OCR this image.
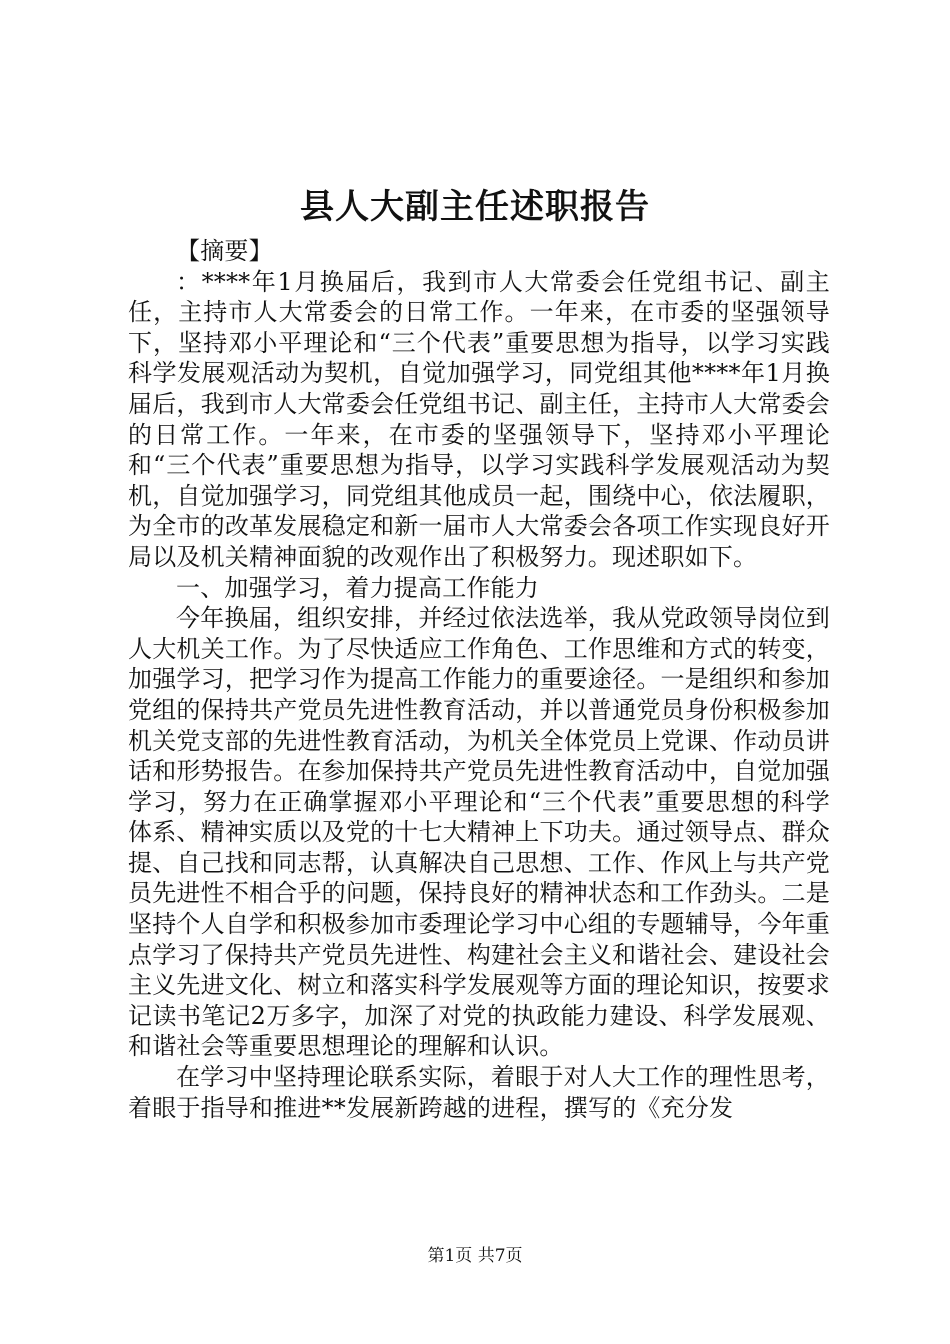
县人大副主任述职报告

【摘要】

：****年1月换届后，我到市人大常委会任党组书记、副主任，主持市人大常委会的日常工作。一年来，在市委的坚强领导下，坚持邓小平理论和“三个代表”重要思想为指导，以学习实践科学发展观活动为契机，自觉加强学习，同党组其他****年1月换届后，我到市人大常委会任党组书记、副主任，主持市人大常委会的日常工作。一年来，在市委的坚强领导下，坚持邓小平理论和“三个代表”重要思想为指导，以学习实践科学发展观活动为契机，自觉加强学习，同党组其他成员一起，围绕中心，依法履职，为全市的改革发展稳定和新一届市人大常委会各项工作实现良好开局以及机关精神面貌的改观作出了积极努力。现述职如下。

一、加强学习，着力提高工作能力

今年换届，组织安排，并经过依法选举，我从党政领导岗位到人大机关工作。为了尽快适应工作角色、工作思维和方式的转变，加强学习，把学习作为提高工作能力的重要途径。一是组织和参加党组的保持共产党员先进性教育活动，并以普通党员身份积极参加机关党支部的先进性教育活动，为机关全体党员上党课、作动员讲话和形势报告。在参加保持共产党员先进性教育活动中，自觉加强学习，努力在正确掌握邓小平理论和“三个代表”重要思想的科学体系、精神实质以及党的十七大精神上下功夫。通过领导点、群众提、自己找和同志帮，认真解决自己思想、工作、作风上与共产党员先进性不相合乎的问题，保持良好的精神状态和工作劲头。二是坚持个人自学和积极参加市委理论学习中心组的专题辅导，今年重点学习了保持共产党员先进性、构建社会主义和谐社会、建设社会主义先进文化、树立和落实科学发展观等方面的理论知识，按要求记读书笔记2万多字，加深了对党的执政能力建设、科学发展观、和谐社会等重要思想理论的理解和认识。

在学习中坚持理论联系实际，着眼于对人大工作的理性思考，着眼于指导和推进**发展新跨越的进程，撰写的《充分发

第1页 共7页
